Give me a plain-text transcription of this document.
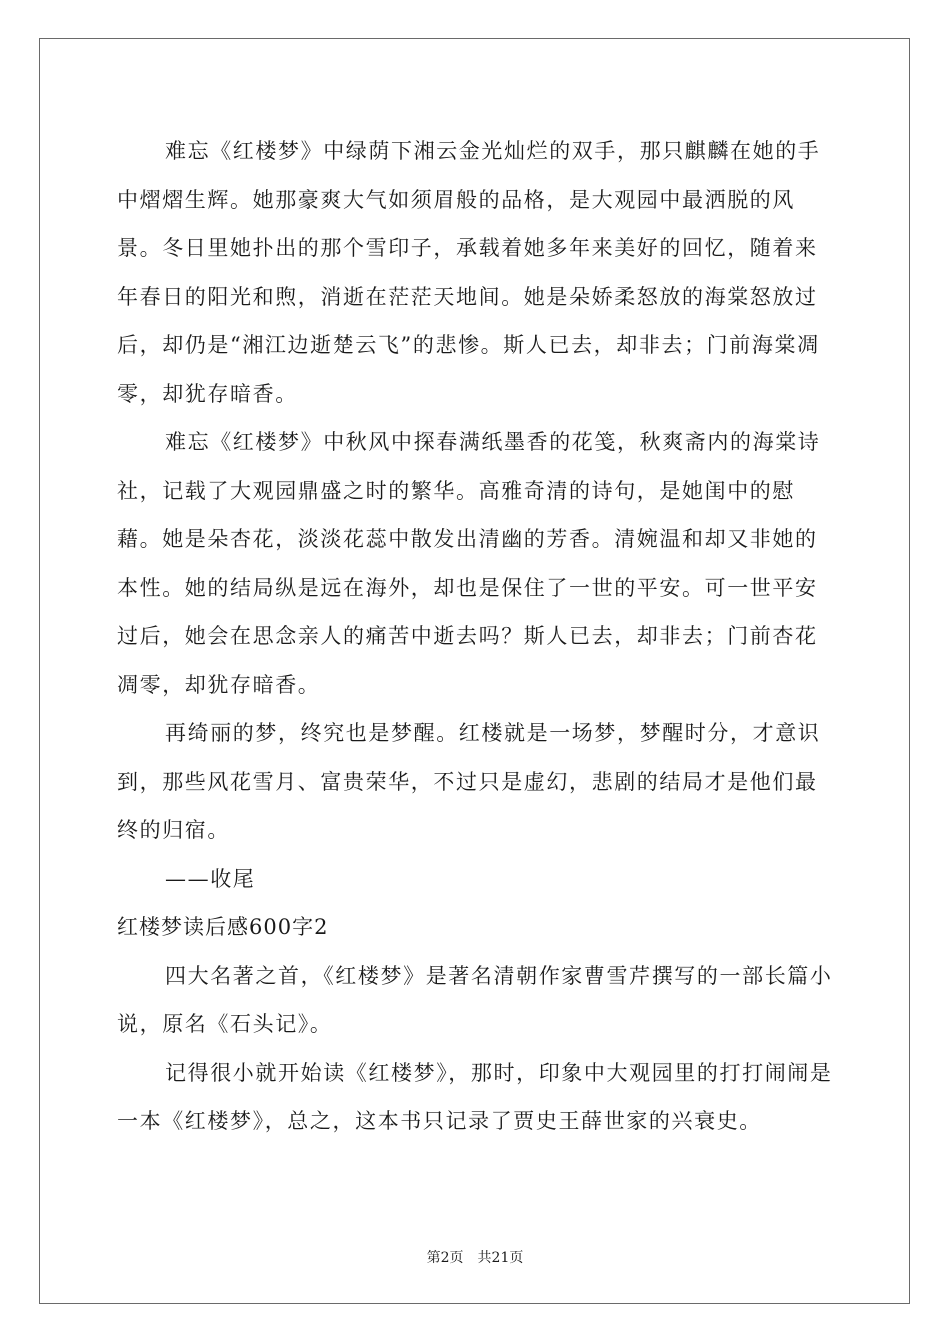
难忘《红楼梦》中绿荫下湘云金光灿烂的双手，那只麒麟在她的手中熠熠生辉。她那豪爽大气如须眉般的品格，是大观园中最洒脱的风景。冬日里她扑出的那个雪印子，承载着她多年来美好的回忆，随着来年春日的阳光和煦，消逝在茫茫天地间。她是朵娇柔怒放的海棠怒放过后，却仍是“湘江边逝楚云飞”的悲惨。斯人已去，却非去；门前海棠凋零，却犹存暗香。

难忘《红楼梦》中秋风中探春满纸墨香的花笺，秋爽斋内的海棠诗社，记载了大观园鼎盛之时的繁华。高雅奇清的诗句，是她闺中的慰藉。她是朵杏花，淡淡花蕊中散发出清幽的芳香。清婉温和却又非她的本性。她的结局纵是远在海外，却也是保住了一世的平安。可一世平安过后，她会在思念亲人的痛苦中逝去吗？斯人已去，却非去；门前杏花凋零，却犹存暗香。

再绮丽的梦，终究也是梦醒。红楼就是一场梦，梦醒时分，才意识到，那些风花雪月、富贵荣华，不过只是虚幻，悲剧的结局才是他们最终的归宿。

——收尾

红楼梦读后感600字2

四大名著之首，《红楼梦》是著名清朝作家曹雪芹撰写的一部长篇小说，原名《石头记》。

记得很小就开始读《红楼梦》，那时，印象中大观园里的打打闹闹是一本《红楼梦》，总之，这本书只记录了贾史王薛世家的兴衰史。

第2页 共21页
